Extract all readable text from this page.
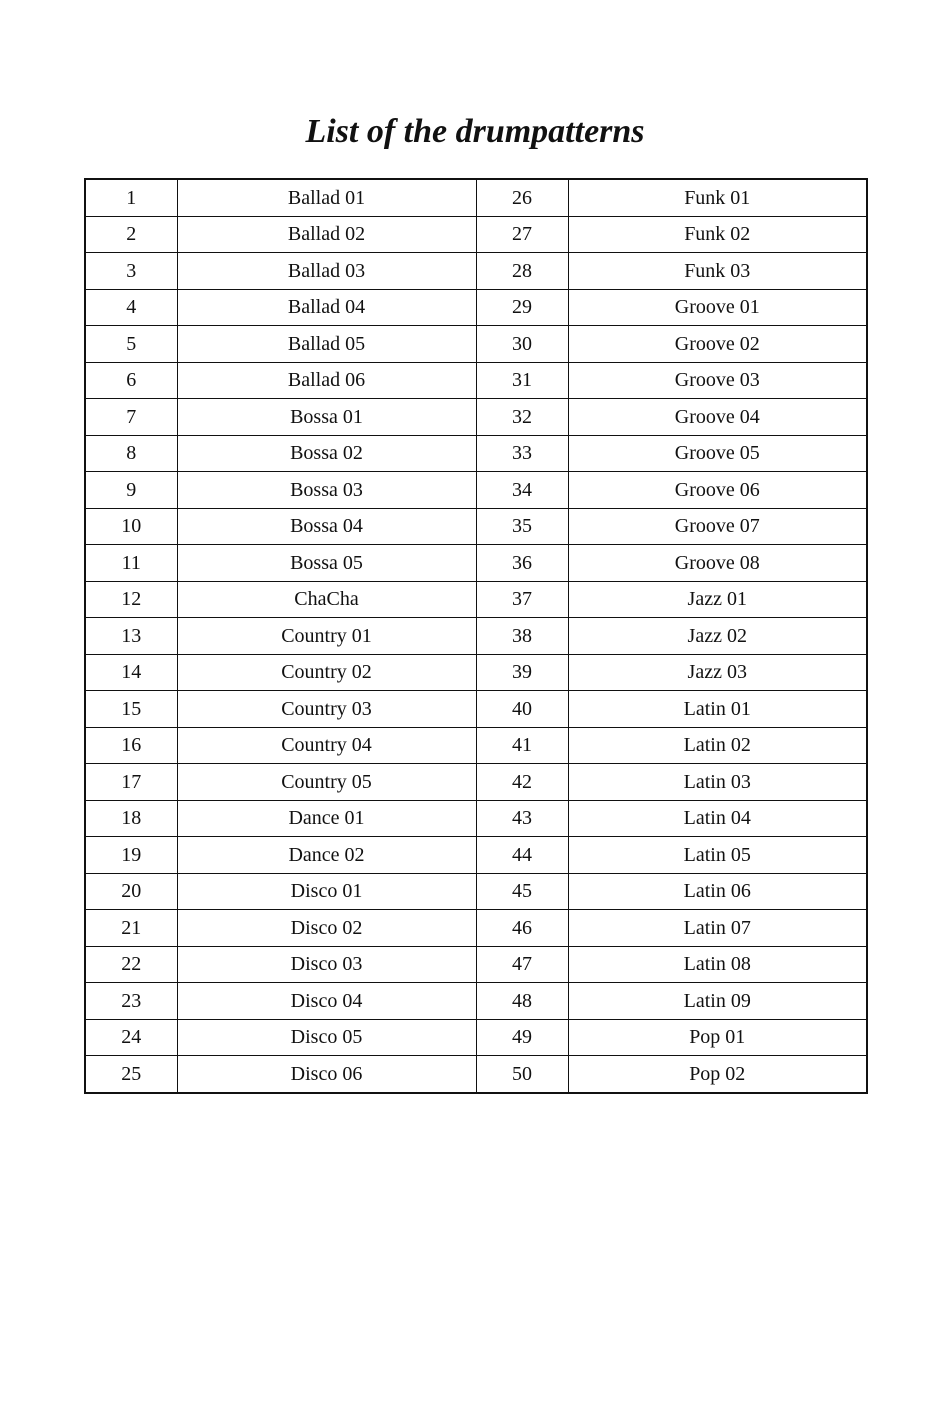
List of the drumpatterns
1	Ballad 01	26	Funk 01
2	Ballad 02	27	Funk 02
3	Ballad 03	28	Funk 03
4	Ballad 04	29	Groove 01
5	Ballad 05	30	Groove 02
6	Ballad 06	31	Groove 03
7	Bossa 01	32	Groove 04
8	Bossa 02	33	Groove 05
9	Bossa 03	34	Groove 06
10	Bossa 04	35	Groove 07
11	Bossa 05	36	Groove 08
12	ChaCha	37	Jazz 01
13	Country 01	38	Jazz 02
14	Country 02	39	Jazz 03
15	Country 03	40	Latin 01
16	Country 04	41	Latin 02
17	Country 05	42	Latin 03
18	Dance 01	43	Latin 04
19	Dance 02	44	Latin 05
20	Disco 01	45	Latin 06
21	Disco 02	46	Latin 07
22	Disco 03	47	Latin 08
23	Disco 04	48	Latin 09
24	Disco 05	49	Pop 01
25	Disco 06	50	Pop 02
